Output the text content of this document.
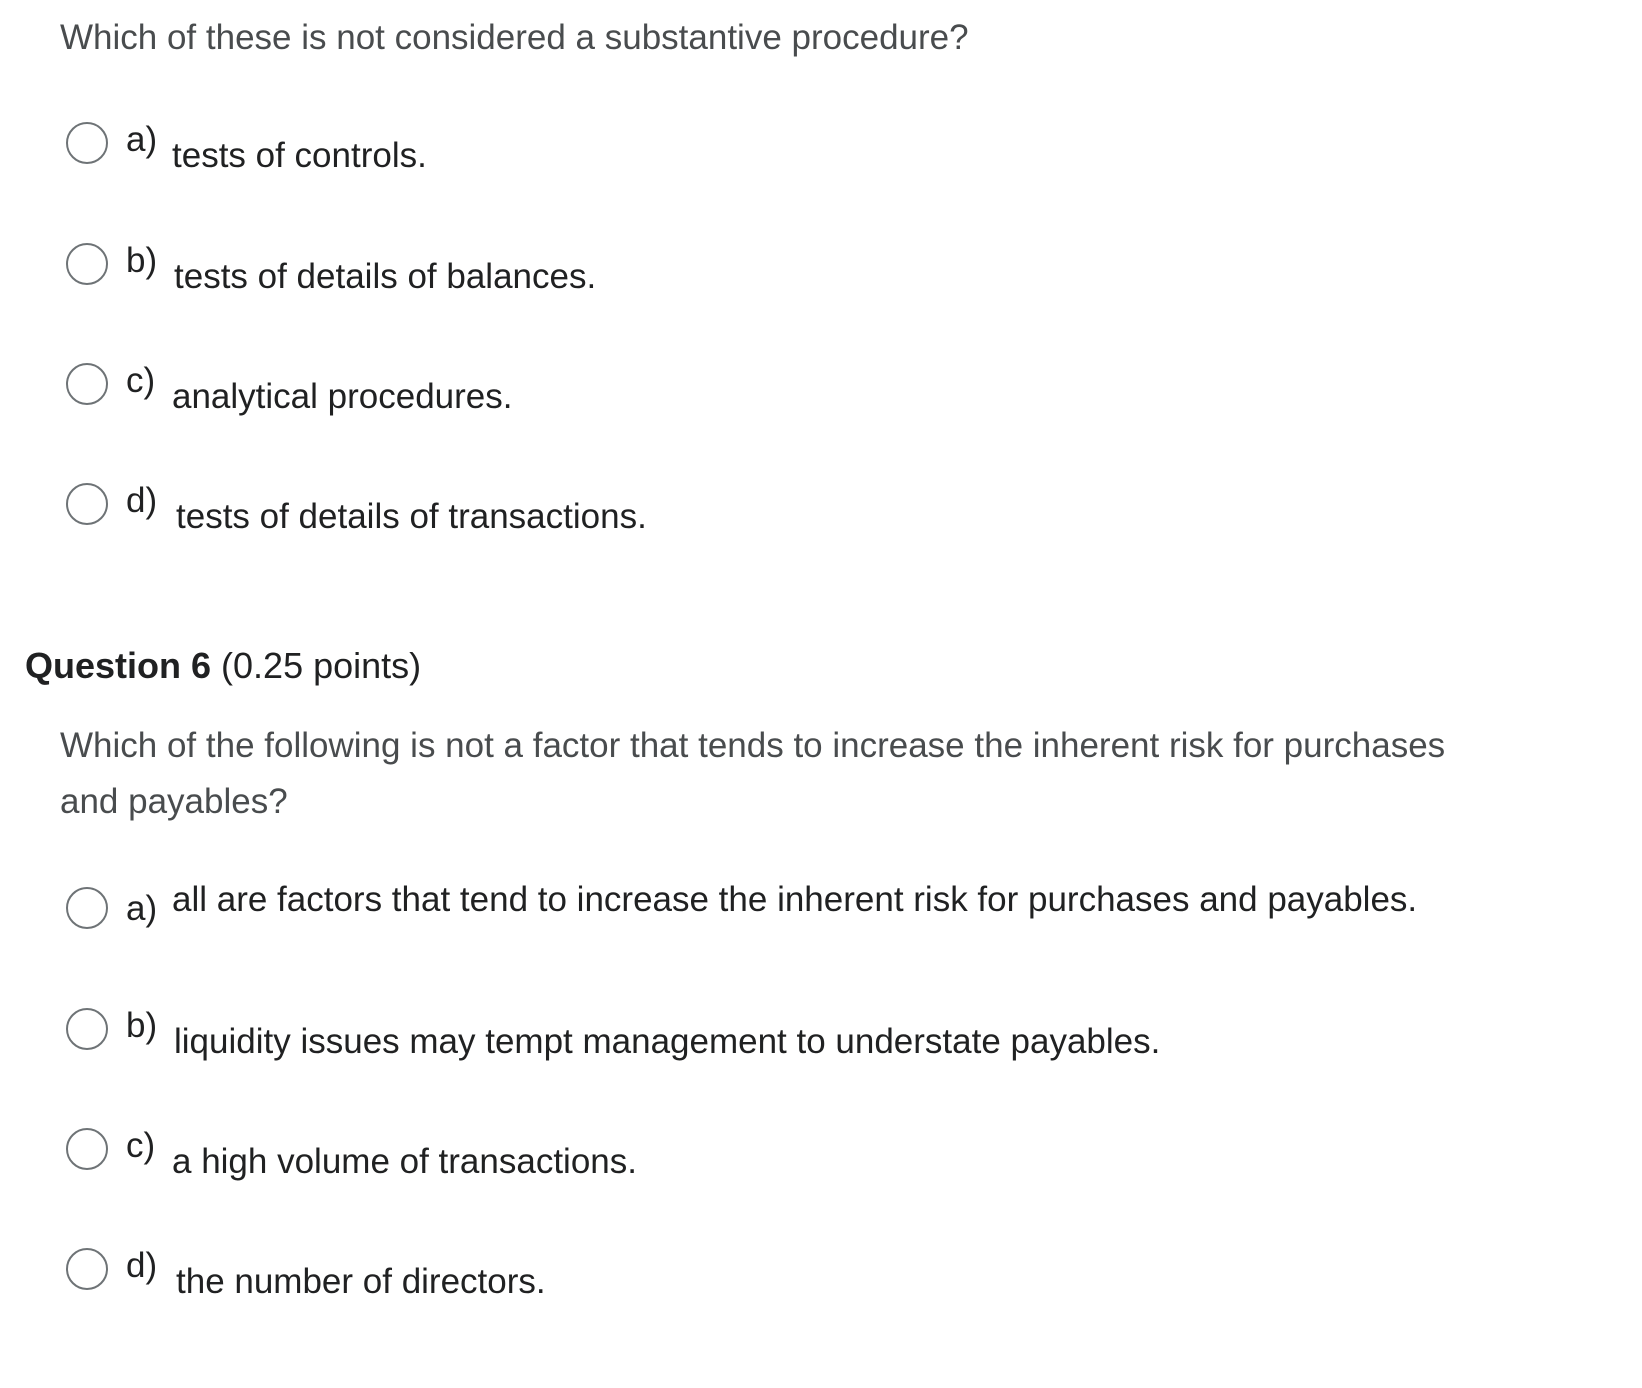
Which of these is not considered a substantive procedure?

a) tests of controls.
b) tests of details of balances.
c) analytical procedures.
d) tests of details of transactions.
Question 6 (0.25 points)

Which of the following is not a factor that tends to increase the inherent risk for purchases and payables?

a) all are factors that tend to increase the inherent risk for purchases and payables.
b) liquidity issues may tempt management to understate payables.
c) a high volume of transactions.
d) the number of directors.
